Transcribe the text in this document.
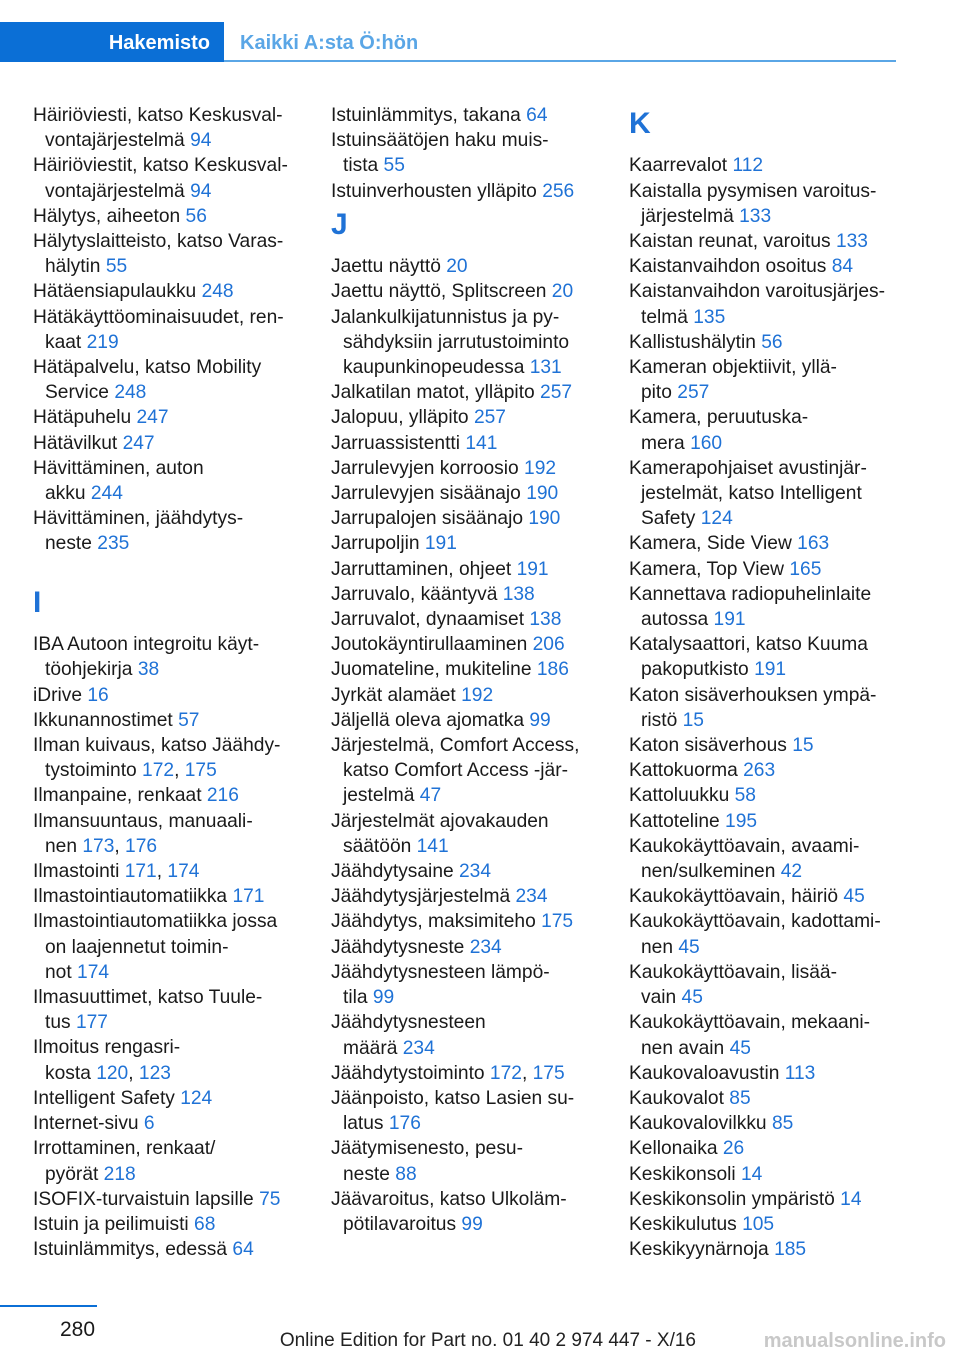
Hakemisto	Kaikki A:sta Ö:hön
Häiriöviesti, katso Keskusval-
vontajärjestelmä 94
Häiriöviestit, katso Keskusval-
vontajärjestelmä 94
Hälytys, aiheeton 56
Hälytyslaitteisto, katso Varas-
hälytin 55
Hätäensiapulaukku 248
Hätäkäyttöominaisuudet, ren-
kaat 219
Hätäpalvelu, katso Mobility
Service 248
Hätäpuhelu 247
Hätävilkut 247
Hävittäminen, auton
akku 244
Hävittäminen, jäähdytys-
neste 235
I
IBA Autoon integroitu käyt-
töohjekirja 38
iDrive 16
Ikkunannostimet 57
Ilman kuivaus, katso Jäähdy-
tystoiminto 172, 175
Ilmanpaine, renkaat 216
Ilmansuuntaus, manuaali-
nen 173, 176
Ilmastointi 171, 174
Ilmastointiautomatiikka 171
Ilmastointiautomatiikka jossa
on laajennetut toimin-
not 174
Ilmasuuttimet, katso Tuule-
tus 177
Ilmoitus rengasri-
kosta 120, 123
Intelligent Safety 124
Internet-sivu 6
Irrottaminen, renkaat/
pyörät 218
ISOFIX-turvaistuin lapsille 75
Istuin ja peilimuisti 68
Istuinlämmitys, edessä 64
Istuinlämmitys, takana 64
Istuinsäätöjen haku muis-
tista 55
Istuinverhousten ylläpito 256
J
Jaettu näyttö 20
Jaettu näyttö, Splitscreen 20
Jalankulkijatunnistus ja py-
sähdyksiin jarrutustoiminto
kaupunkinopeudessa 131
Jalkatilan matot, ylläpito 257
Jalopuu, ylläpito 257
Jarruassistentti 141
Jarrulevyjen korroosio 192
Jarrulevyjen sisäänajo 190
Jarrupalojen sisäänajo 190
Jarrupoljin 191
Jarruttaminen, ohjeet 191
Jarruvalo, kääntyvä 138
Jarruvalot, dynaamiset 138
Joutokäyntirullaaminen 206
Juomateline, mukiteline 186
Jyrkät alamäet 192
Jäljellä oleva ajomatka 99
Järjestelmä, Comfort Access,
katso Comfort Access -jär-
jestelmä 47
Järjestelmät ajovakauden
säätöön 141
Jäähdytysaine 234
Jäähdytysjärjestelmä 234
Jäähdytys, maksimiteho 175
Jäähdytysneste 234
Jäähdytysnesteen lämpö-
tila 99
Jäähdytysnesteen
määrä 234
Jäähdytystoiminto 172, 175
Jäänpoisto, katso Lasien su-
latus 176
Jäätymisenesto, pesu-
neste 88
Jäävaroitus, katso Ulkoläm-
pötilavaroitus 99
K
Kaarrevalot 112
Kaistalla pysymisen varoitus-
järjestelmä 133
Kaistan reunat, varoitus 133
Kaistanvaihdon osoitus 84
Kaistanvaihdon varoitusjärjes-
telmä 135
Kallistushälytin 56
Kameran objektiivit, yllä-
pito 257
Kamera, peruutuska-
mera 160
Kamerapohjaiset avustinjär-
jestelmät, katso Intelligent
Safety 124
Kamera, Side View 163
Kamera, Top View 165
Kannettava radiopuhelinlaite
autossa 191
Katalysaattori, katso Kuuma
pakoputkisto 191
Katon sisäverhouksen ympä-
ristö 15
Katon sisäverhous 15
Kattokuorma 263
Kattoluukku 58
Kattoteline 195
Kaukokäyttöavain, avaami-
nen/sulkeminen 42
Kaukokäyttöavain, häiriö 45
Kaukokäyttöavain, kadottami-
nen 45
Kaukokäyttöavain, lisää-
vain 45
Kaukokäyttöavain, mekaani-
nen avain 45
Kaukovaloavustin 113
Kaukovalot 85
Kaukovalovilkku 85
Kellonaika 26
Keskikonsoli 14
Keskikonsolin ympäristö 14
Keskikulutus 105
Keskikyynärnoja 185
280	Online Edition for Part no. 01 40 2 974 447 - X/16	manualsonline.info
